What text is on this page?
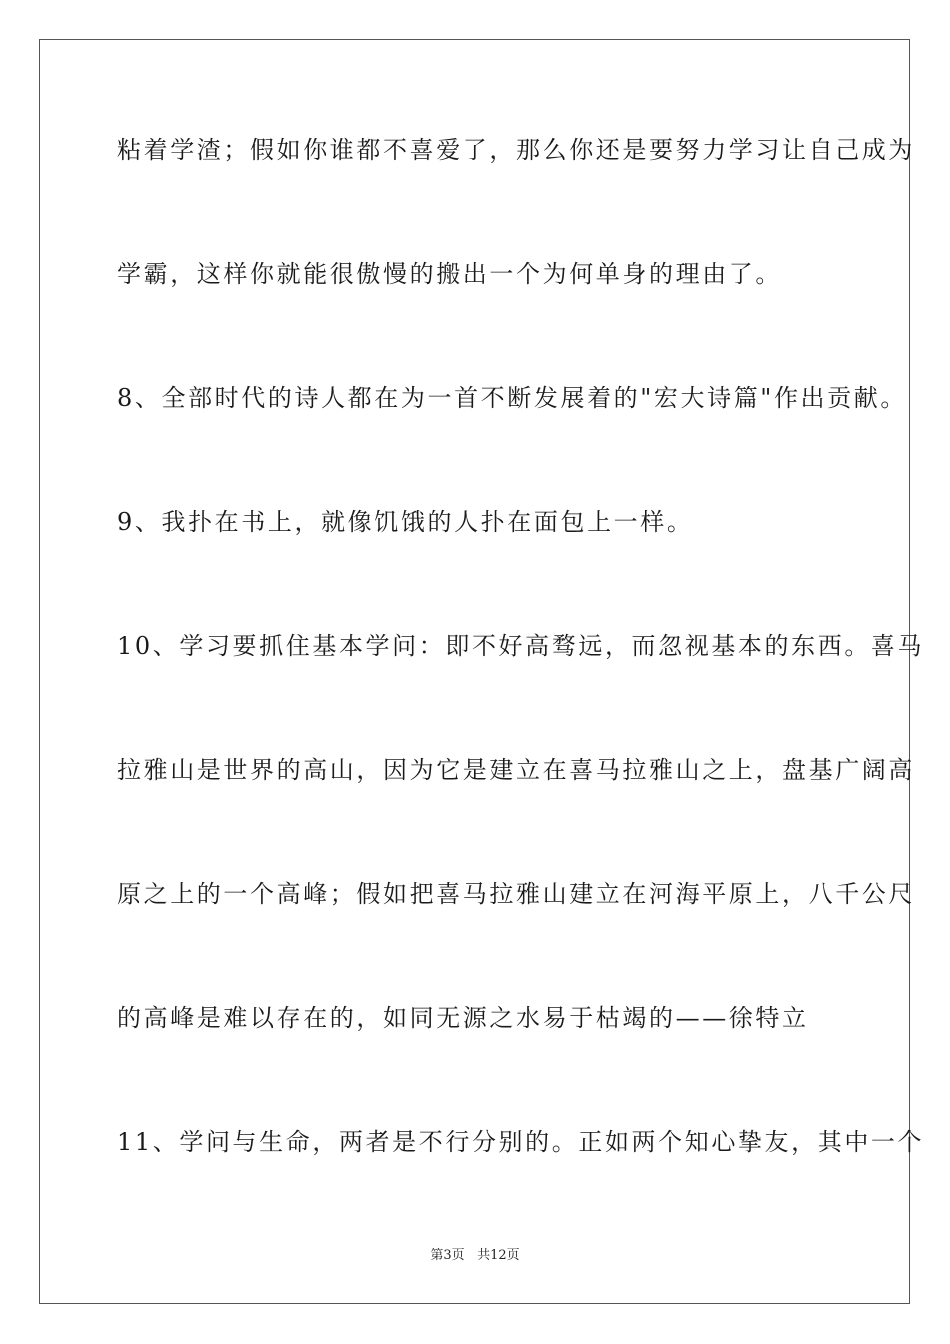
粘着学渣；假如你谁都不喜爱了，那么你还是要努力学习让自己成为
学霸，这样你就能很傲慢的搬出一个为何单身的理由了。
8、全部时代的诗人都在为一首不断发展着的"宏大诗篇"作出贡献。
9、我扑在书上，就像饥饿的人扑在面包上一样。
10、学习要抓住基本学问：即不好高骛远，而忽视基本的东西。喜马
拉雅山是世界的高山，因为它是建立在喜马拉雅山之上，盘基广阔高
原之上的一个高峰；假如把喜马拉雅山建立在河海平原上，八千公尺
的高峰是难以存在的，如同无源之水易于枯竭的——徐特立
11、学问与生命，两者是不行分别的。正如两个知心挚友，其中一个
第3页 共12页
